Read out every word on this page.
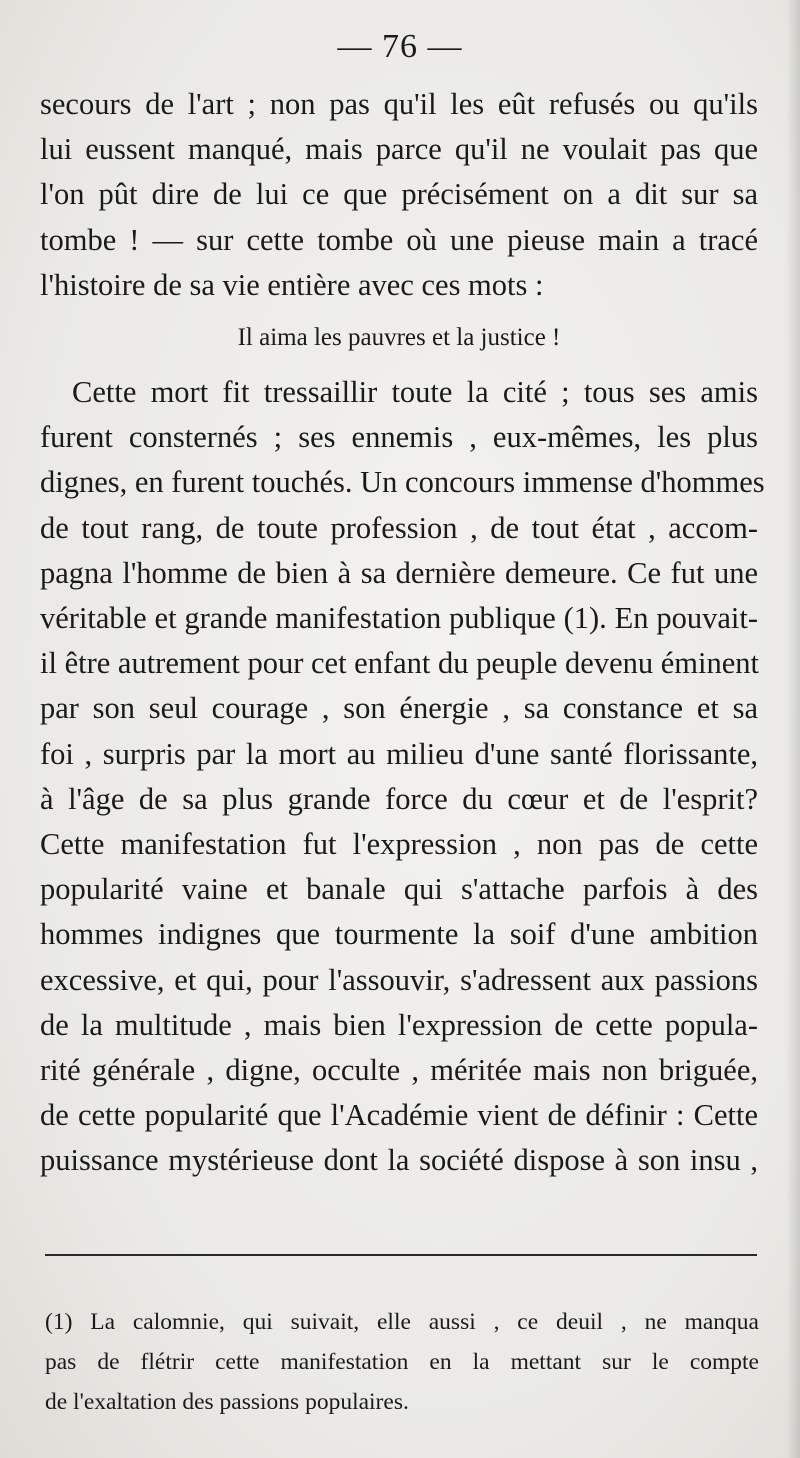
— 76 —
secours de l'art ; non pas qu'il les eût refusés ou qu'ils
lui eussent manqué, mais parce qu'il ne voulait pas que
l'on pût dire de lui ce que précisément on a dit sur sa
tombe ! — sur cette tombe où une pieuse main a tracé
l'histoire de sa vie entière avec ces mots :
Il aima les pauvres et la justice !
Cette mort fit tressaillir toute la cité ; tous ses amis
furent consternés ; ses ennemis , eux-mêmes, les plus
dignes, en furent touchés. Un concours immense d'hommes
de tout rang, de toute profession , de tout état , accom-
pagna l'homme de bien à sa dernière demeure. Ce fut une
véritable et grande manifestation publique (1). En pouvait-
il être autrement pour cet enfant du peuple devenu éminent
par son seul courage , son énergie , sa constance et sa
foi , surpris par la mort au milieu d'une santé florissante,
à l'âge de sa plus grande force du cœur et de l'esprit?
Cette manifestation fut l'expression , non pas de cette
popularité vaine et banale qui s'attache parfois à des
hommes indignes que tourmente la soif d'une ambition
excessive, et qui, pour l'assouvir, s'adressent aux passions
de la multitude , mais bien l'expression de cette popula-
rité générale , digne, occulte , méritée mais non briguée,
de cette popularité que l'Académie vient de définir : Cette
puissance mystérieuse dont la société dispose à son insu ,
(1) La calomnie, qui suivait, elle aussi , ce deuil , ne manqua
pas de flétrir cette manifestation en la mettant sur le compte
de l'exaltation des passions populaires.
